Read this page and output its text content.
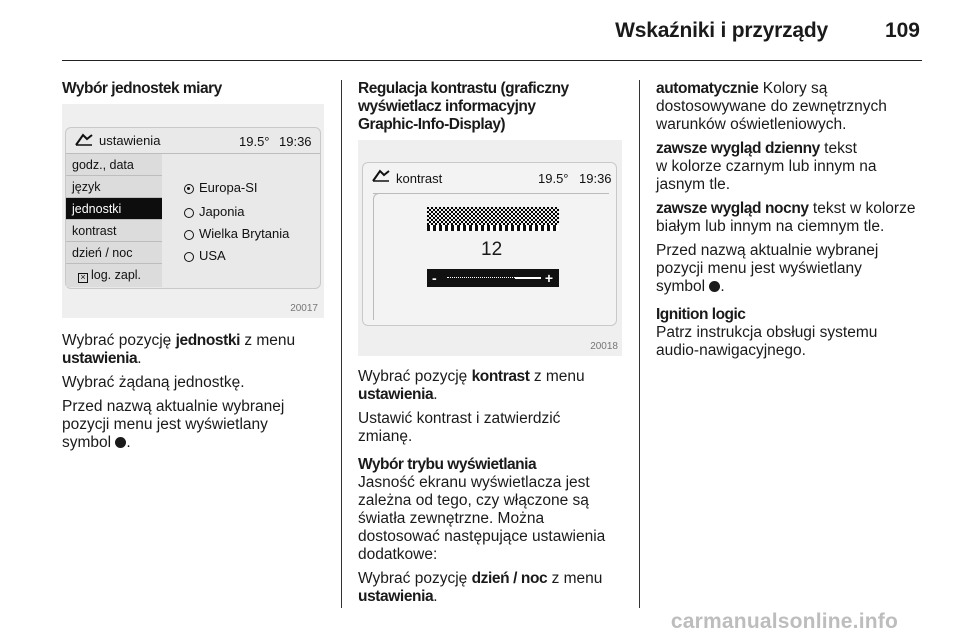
Wskaźniki i przyrządy	109

Wybór jednostek miary

ustawienia	19.5° 19:36
godz., data
język
jednostki
kontrast
dzień / noc
× log. zapl.
Europa-SI
Japonia
Wielka Brytania
USA
20017

Wybrać pozycję jednostki z menu
ustawienia.

Wybrać żądaną jednostkę.

Przed nazwą aktualnie wybranej
pozycji menu jest wyświetlany
symbol .

Regulacja kontrastu (graficzny
wyświetlacz informacyjny
Graphic-Info-Display)

kontrast	19.5° 19:36
12
-	+
20018

Wybrać pozycję kontrast z menu
ustawienia.

Ustawić kontrast i zatwierdzić
zmianę.

Wybór trybu wyświetlania

Jasność ekranu wyświetlacza jest
zależna od tego, czy włączone są
światła zewnętrzne. Można
dostosować następujące ustawienia
dodatkowe:

Wybrać pozycję dzień / noc z menu
ustawienia.

automatycznie Kolory są
dostosowywane do zewnętrznych
warunków oświetleniowych.

zawsze wygląd dzienny tekst
w kolorze czarnym lub innym na
jasnym tle.

zawsze wygląd nocny tekst w kolorze
białym lub innym na ciemnym tle.

Przed nazwą aktualnie wybranej
pozycji menu jest wyświetlany
symbol .

Ignition logic

Patrz instrukcja obsługi systemu
audio-nawigacyjnego.

carmanualsonline.info
